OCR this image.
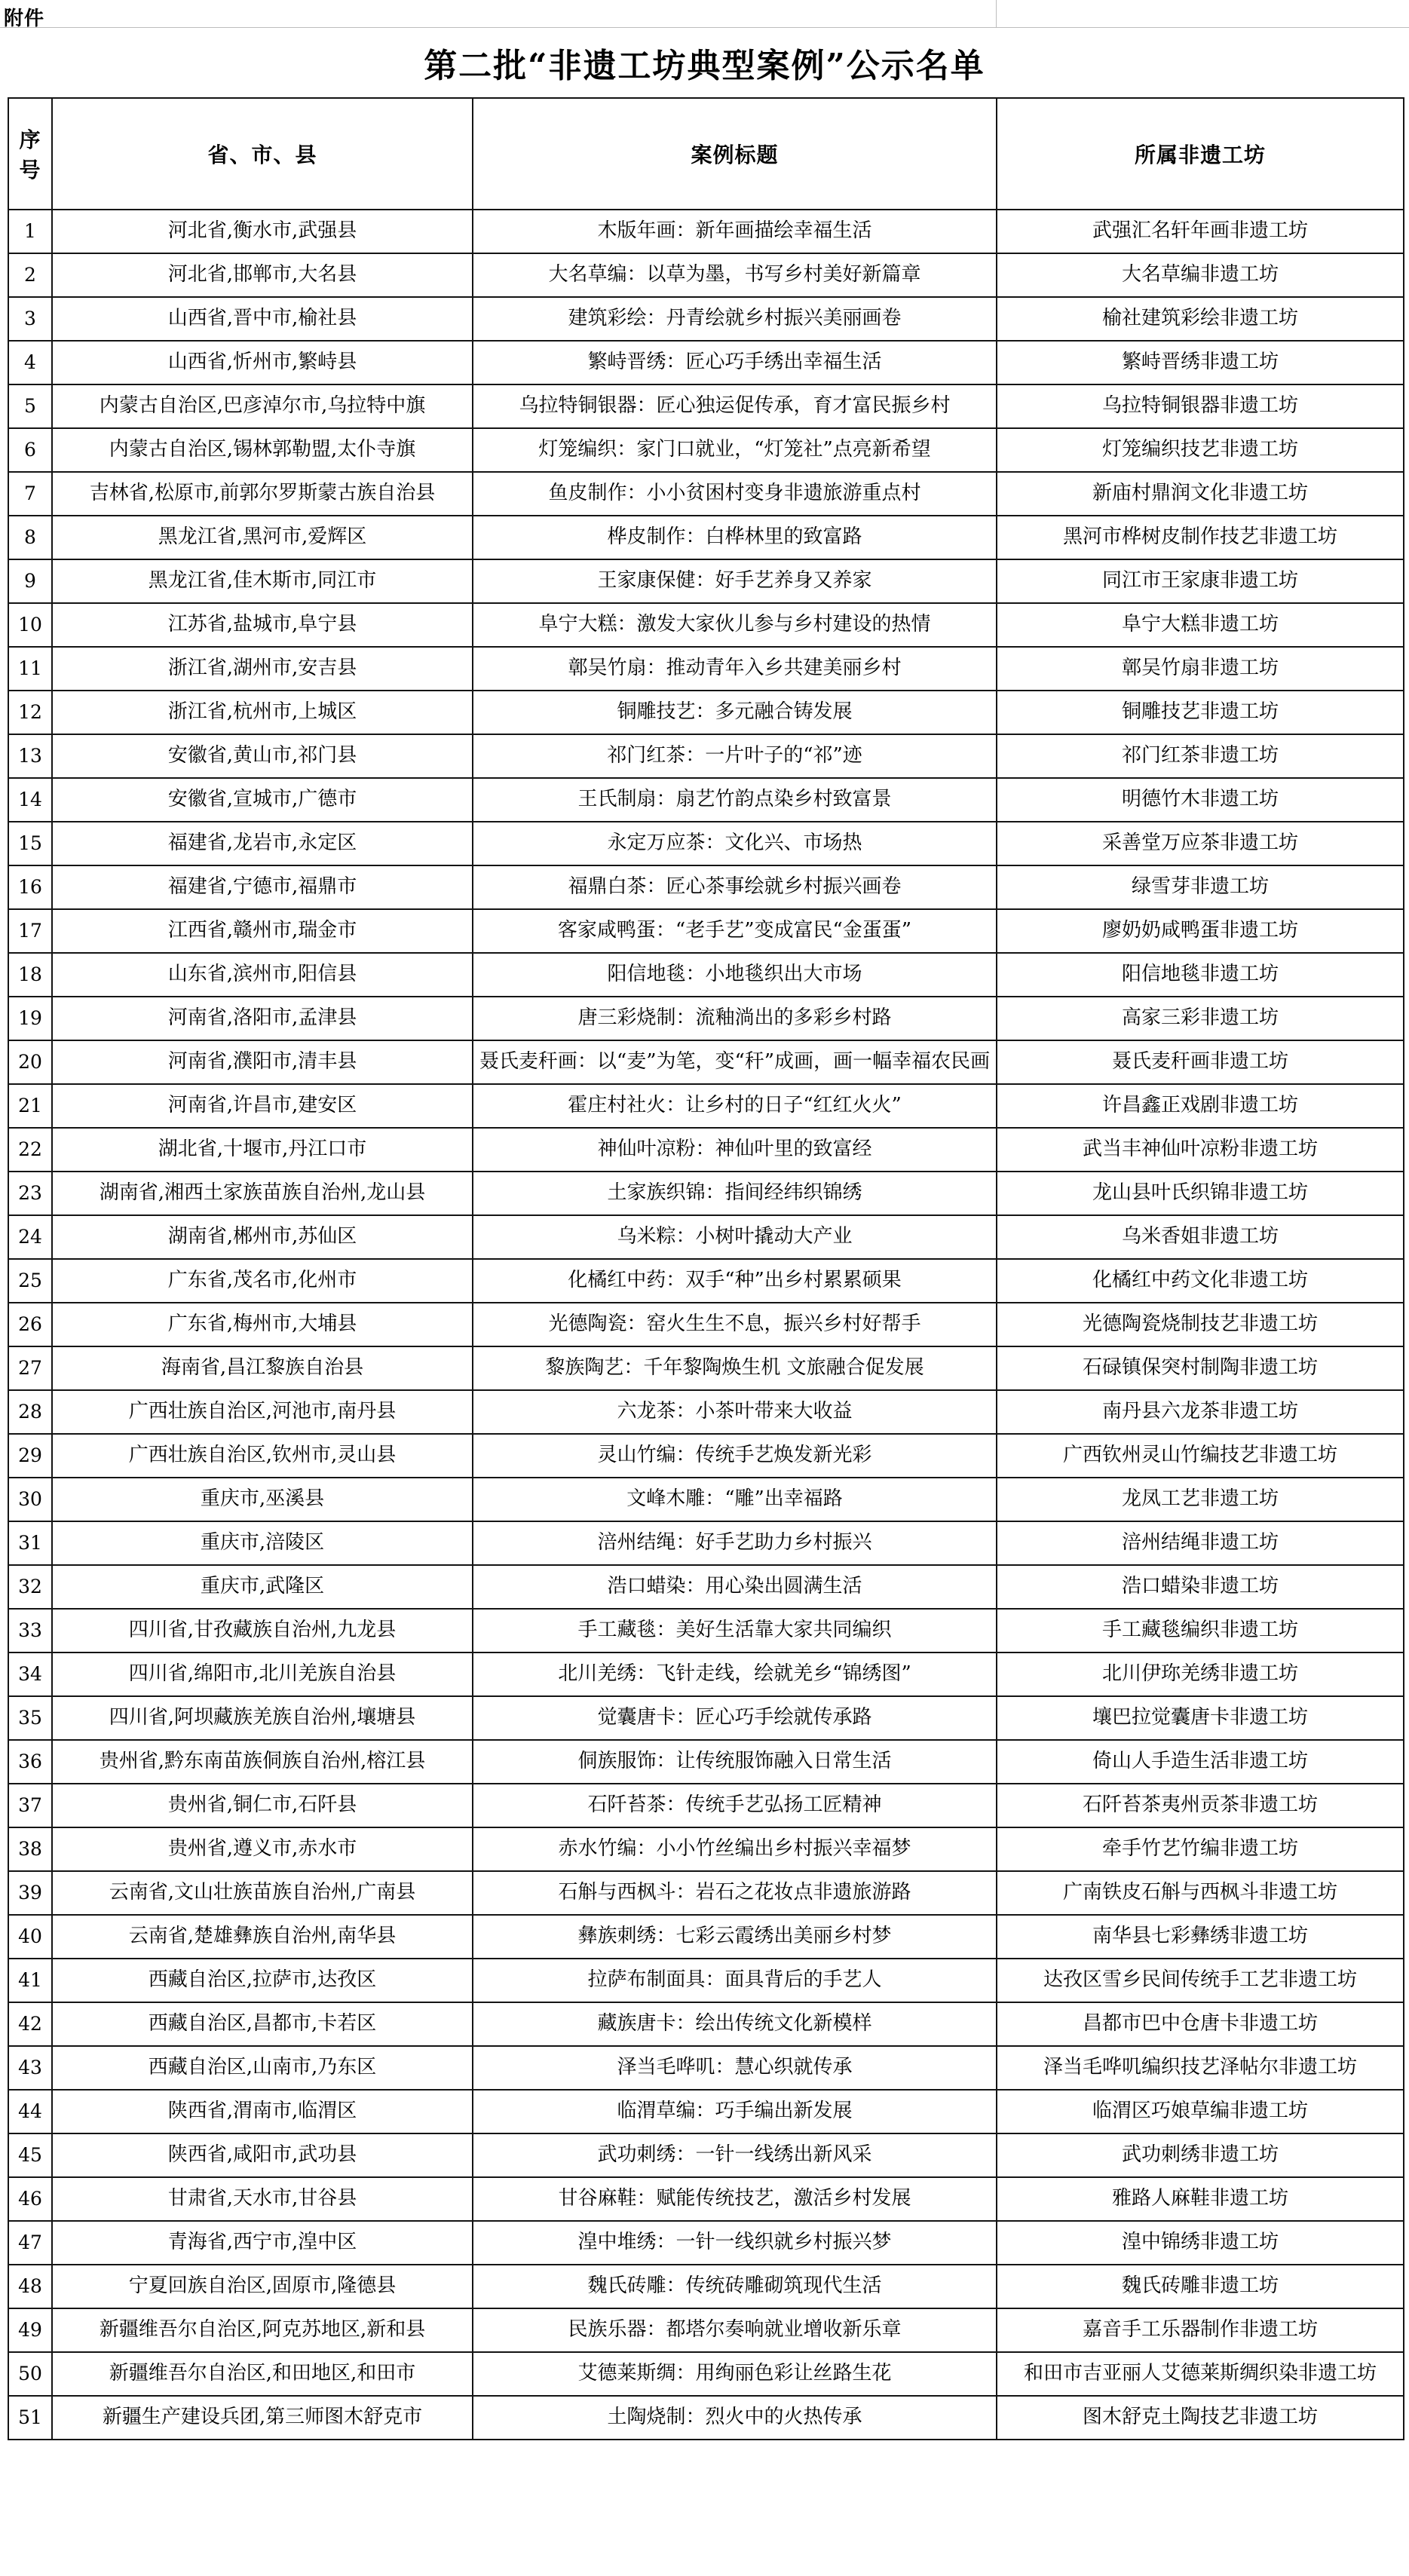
附件
第二批“非遗工坊典型案例”公示名单
序号	省、市、县	案例标题	所属非遗工坊
1	河北省,衡水市,武强县	木版年画：新年画描绘幸福生活	武强汇名轩年画非遗工坊
2	河北省,邯郸市,大名县	大名草编：以草为墨，书写乡村美好新篇章	大名草编非遗工坊
3	山西省,晋中市,榆社县	建筑彩绘：丹青绘就乡村振兴美丽画卷	榆社建筑彩绘非遗工坊
4	山西省,忻州市,繁峙县	繁峙晋绣：匠心巧手绣出幸福生活	繁峙晋绣非遗工坊
5	内蒙古自治区,巴彦淖尔市,乌拉特中旗	乌拉特铜银器：匠心独运促传承，育才富民振乡村	乌拉特铜银器非遗工坊
6	内蒙古自治区,锡林郭勒盟,太仆寺旗	灯笼编织：家门口就业，“灯笼社”点亮新希望	灯笼编织技艺非遗工坊
7	吉林省,松原市,前郭尔罗斯蒙古族自治县	鱼皮制作：小小贫困村变身非遗旅游重点村	新庙村鼎润文化非遗工坊
8	黑龙江省,黑河市,爱辉区	桦皮制作：白桦林里的致富路	黑河市桦树皮制作技艺非遗工坊
9	黑龙江省,佳木斯市,同江市	王家康保健：好手艺养身又养家	同江市王家康非遗工坊
10	江苏省,盐城市,阜宁县	阜宁大糕：激发大家伙儿参与乡村建设的热情	阜宁大糕非遗工坊
11	浙江省,湖州市,安吉县	鄣吴竹扇：推动青年入乡共建美丽乡村	鄣吴竹扇非遗工坊
12	浙江省,杭州市,上城区	铜雕技艺：多元融合铸发展	铜雕技艺非遗工坊
13	安徽省,黄山市,祁门县	祁门红茶：一片叶子的“祁”迹	祁门红茶非遗工坊
14	安徽省,宣城市,广德市	王氏制扇：扇艺竹韵点染乡村致富景	明德竹木非遗工坊
15	福建省,龙岩市,永定区	永定万应茶：文化兴、市场热	采善堂万应茶非遗工坊
16	福建省,宁德市,福鼎市	福鼎白茶：匠心茶事绘就乡村振兴画卷	绿雪芽非遗工坊
17	江西省,赣州市,瑞金市	客家咸鸭蛋：“老手艺”变成富民“金蛋蛋”	廖奶奶咸鸭蛋非遗工坊
18	山东省,滨州市,阳信县	阳信地毯：小地毯织出大市场	阳信地毯非遗工坊
19	河南省,洛阳市,孟津县	唐三彩烧制：流釉淌出的多彩乡村路	高家三彩非遗工坊
20	河南省,濮阳市,清丰县	聂氏麦秆画：以“麦”为笔，变“秆”成画，画一幅幸福农民画	聂氏麦秆画非遗工坊
21	河南省,许昌市,建安区	霍庄村社火：让乡村的日子“红红火火”	许昌鑫正戏剧非遗工坊
22	湖北省,十堰市,丹江口市	神仙叶凉粉：神仙叶里的致富经	武当丰神仙叶凉粉非遗工坊
23	湖南省,湘西土家族苗族自治州,龙山县	土家族织锦：指间经纬织锦绣	龙山县叶氏织锦非遗工坊
24	湖南省,郴州市,苏仙区	乌米粽：小树叶撬动大产业	乌米香姐非遗工坊
25	广东省,茂名市,化州市	化橘红中药：双手“种”出乡村累累硕果	化橘红中药文化非遗工坊
26	广东省,梅州市,大埔县	光德陶瓷：窑火生生不息，振兴乡村好帮手	光德陶瓷烧制技艺非遗工坊
27	海南省,昌江黎族自治县	黎族陶艺：千年黎陶焕生机 文旅融合促发展	石碌镇保突村制陶非遗工坊
28	广西壮族自治区,河池市,南丹县	六龙茶：小茶叶带来大收益	南丹县六龙茶非遗工坊
29	广西壮族自治区,钦州市,灵山县	灵山竹编：传统手艺焕发新光彩	广西钦州灵山竹编技艺非遗工坊
30	重庆市,巫溪县	文峰木雕：“雕”出幸福路	龙凤工艺非遗工坊
31	重庆市,涪陵区	涪州结绳：好手艺助力乡村振兴	涪州结绳非遗工坊
32	重庆市,武隆区	浩口蜡染：用心染出圆满生活	浩口蜡染非遗工坊
33	四川省,甘孜藏族自治州,九龙县	手工藏毯：美好生活靠大家共同编织	手工藏毯编织非遗工坊
34	四川省,绵阳市,北川羌族自治县	北川羌绣：飞针走线，绘就羌乡“锦绣图”	北川伊珎羌绣非遗工坊
35	四川省,阿坝藏族羌族自治州,壤塘县	觉囊唐卡：匠心巧手绘就传承路	壤巴拉觉囊唐卡非遗工坊
36	贵州省,黔东南苗族侗族自治州,榕江县	侗族服饰：让传统服饰融入日常生活	倚山人手造生活非遗工坊
37	贵州省,铜仁市,石阡县	石阡苔茶：传统手艺弘扬工匠精神	石阡苔茶夷州贡茶非遗工坊
38	贵州省,遵义市,赤水市	赤水竹编：小小竹丝编出乡村振兴幸福梦	牵手竹艺竹编非遗工坊
39	云南省,文山壮族苗族自治州,广南县	石斛与西枫斗：岩石之花妆点非遗旅游路	广南铁皮石斛与西枫斗非遗工坊
40	云南省,楚雄彝族自治州,南华县	彝族刺绣：七彩云霞绣出美丽乡村梦	南华县七彩彝绣非遗工坊
41	西藏自治区,拉萨市,达孜区	拉萨布制面具：面具背后的手艺人	达孜区雪乡民间传统手工艺非遗工坊
42	西藏自治区,昌都市,卡若区	藏族唐卡：绘出传统文化新模样	昌都市巴中仓唐卡非遗工坊
43	西藏自治区,山南市,乃东区	泽当毛哗叽：慧心织就传承	泽当毛哗叽编织技艺泽帖尔非遗工坊
44	陕西省,渭南市,临渭区	临渭草编：巧手编出新发展	临渭区巧娘草编非遗工坊
45	陕西省,咸阳市,武功县	武功刺绣：一针一线绣出新风采	武功刺绣非遗工坊
46	甘肃省,天水市,甘谷县	甘谷麻鞋：赋能传统技艺，激活乡村发展	雅路人麻鞋非遗工坊
47	青海省,西宁市,湟中区	湟中堆绣：一针一线织就乡村振兴梦	湟中锦绣非遗工坊
48	宁夏回族自治区,固原市,隆德县	魏氏砖雕：传统砖雕砌筑现代生活	魏氏砖雕非遗工坊
49	新疆维吾尔自治区,阿克苏地区,新和县	民族乐器：都塔尔奏响就业增收新乐章	嘉音手工乐器制作非遗工坊
50	新疆维吾尔自治区,和田地区,和田市	艾德莱斯绸：用绚丽色彩让丝路生花	和田市吉亚丽人艾德莱斯绸织染非遗工坊
51	新疆生产建设兵团,第三师图木舒克市	土陶烧制：烈火中的火热传承	图木舒克土陶技艺非遗工坊
